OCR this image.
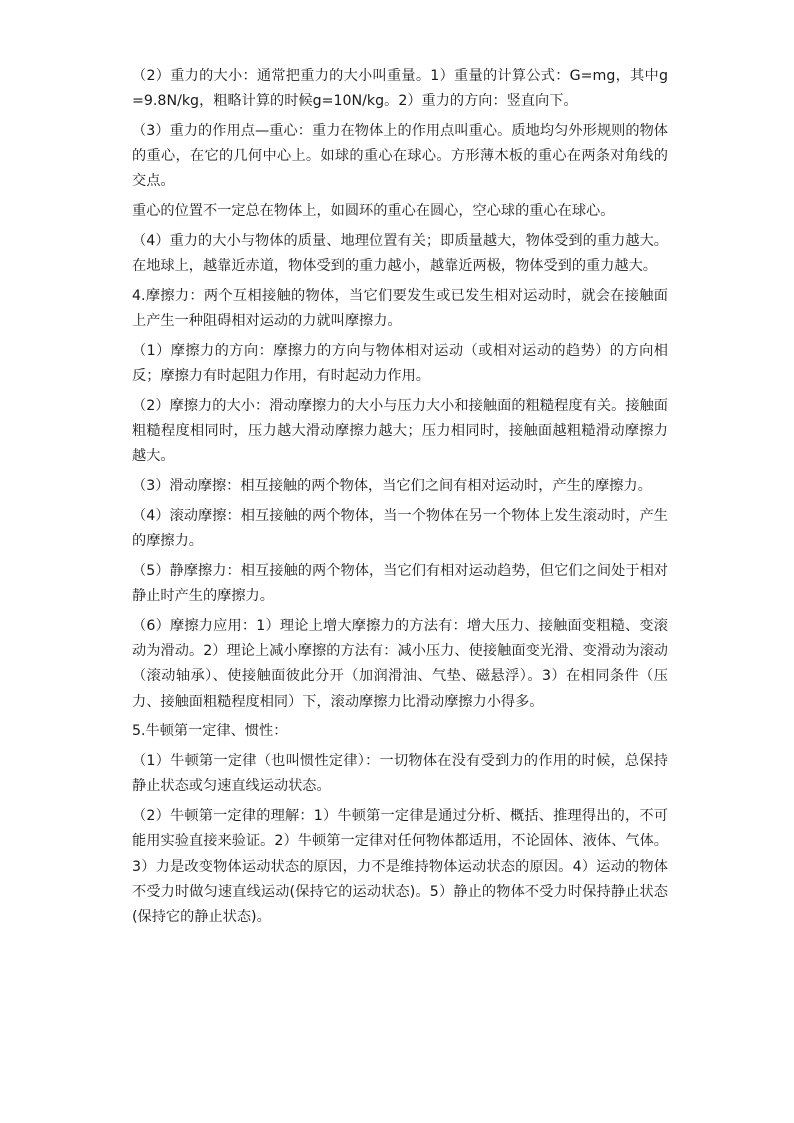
（2）重力的大小：通常把重力的大小叫重量。1）重量的计算公式：G=mg，其中g=9.8N/kg，粗略计算的时候g=10N/kg。2）重力的方向：竖直向下。

（3）重力的作用点—重心：重力在物体上的作用点叫重心。质地均匀外形规则的物体的重心，在它的几何中心上。如球的重心在球心。方形薄木板的重心在两条对角线的交点。

重心的位置不一定总在物体上，如圆环的重心在圆心，空心球的重心在球心。

（4）重力的大小与物体的质量、地理位置有关；即质量越大，物体受到的重力越大。在地球上，越靠近赤道，物体受到的重力越小，越靠近两极，物体受到的重力越大。

4.摩擦力：两个互相接触的物体，当它们要发生或已发生相对运动时，就会在接触面上产生一种阻碍相对运动的力就叫摩擦力。

（1）摩擦力的方向：摩擦力的方向与物体相对运动（或相对运动的趋势）的方向相反；摩擦力有时起阻力作用，有时起动力作用。

（2）摩擦力的大小：滑动摩擦力的大小与压力大小和接触面的粗糙程度有关。接触面粗糙程度相同时，压力越大滑动摩擦力越大；压力相同时，接触面越粗糙滑动摩擦力越大。

（3）滑动摩擦：相互接触的两个物体，当它们之间有相对运动时，产生的摩擦力。

（4）滚动摩擦：相互接触的两个物体，当一个物体在另一个物体上发生滚动时，产生的摩擦力。

（5）静摩擦力：相互接触的两个物体，当它们有相对运动趋势，但它们之间处于相对静止时产生的摩擦力。

（6）摩擦力应用：1）理论上增大摩擦力的方法有：增大压力、接触面变粗糙、变滚动为滑动。2）理论上减小摩擦的方法有：减小压力、使接触面变光滑、变滑动为滚动（滚动轴承）、使接触面彼此分开（加润滑油、气垫、磁悬浮）。3）在相同条件（压力、接触面粗糙程度相同）下，滚动摩擦力比滑动摩擦力小得多。

5.牛顿第一定律、惯性：

（1）牛顿第一定律（也叫惯性定律）：一切物体在没有受到力的作用的时候，总保持静止状态或匀速直线运动状态。

（2）牛顿第一定律的理解：1）牛顿第一定律是通过分析、概括、推理得出的，不可能用实验直接来验证。2）牛顿第一定律对任何物体都适用，不论固体、液体、气体。3）力是改变物体运动状态的原因，力不是维持物体运动状态的原因。4）运动的物体不受力时做匀速直线运动(保持它的运动状态)。5）静止的物体不受力时保持静止状态(保持它的静止状态)。
